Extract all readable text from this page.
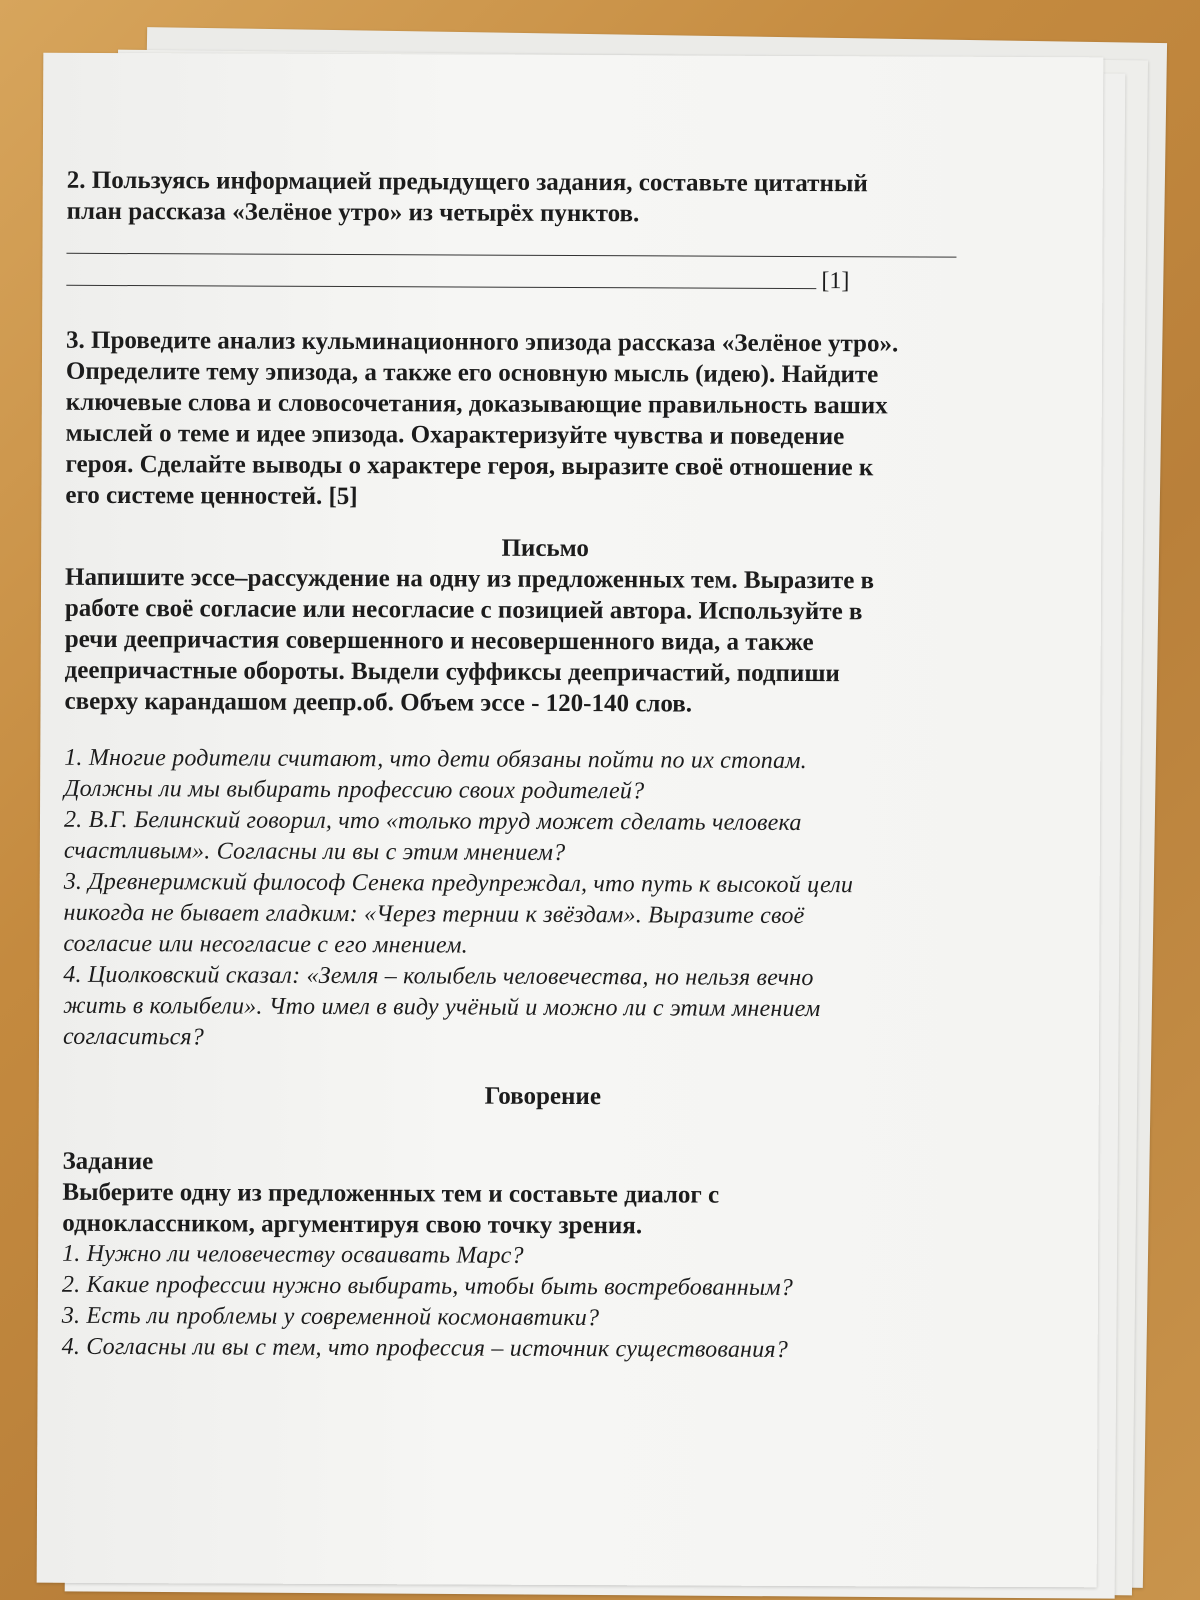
2. Пользуясь информацией предыдущего задания, составьте цитатный
план рассказа «Зелёное утро» из четырёх пунктов.
[1]
3. Проведите анализ кульминационного эпизода рассказа «Зелёное утро».
Определите тему эпизода, а также его основную мысль (идею). Найдите
ключевые слова и словосочетания, доказывающие правильность ваших
мыслей о теме и идее эпизода. Охарактеризуйте чувства и поведение
героя. Сделайте выводы о характере героя, выразите своё отношение к
его системе ценностей. [5]
Письмо
Напишите эссе–рассуждение на одну из предложенных тем. Выразите в
работе своё согласие или несогласие с позицией автора. Используйте в
речи деепричастия совершенного и несовершенного вида, а также
деепричастные обороты. Выдели суффиксы деепричастий, подпиши
сверху карандашом деепр.об. Объем эссе - 120-140 слов.
1. Многие родители считают, что дети обязаны пойти по их стопам.
Должны ли мы выбирать профессию своих родителей?
2. В.Г. Белинский говорил, что «только труд может сделать человека
счастливым». Согласны ли вы с этим мнением?
3. Древнеримский философ Сенека предупреждал, что путь к высокой цели
никогда не бывает гладким: «Через тернии к звёздам». Выразите своё
согласие или несогласие с его мнением.
4. Циолковский сказал: «Земля – колыбель человечества, но нельзя вечно
жить в колыбели». Что имел в виду учёный и можно ли с этим мнением
согласиться?
Говорение
Задание
Выберите одну из предложенных тем и составьте диалог с
одноклассником, аргументируя свою точку зрения.
1. Нужно ли человечеству осваивать Марс?
2. Какие профессии нужно выбирать, чтобы быть востребованным?
3. Есть ли проблемы у современной космонавтики?
4. Согласны ли вы с тем, что профессия – источник существования?
